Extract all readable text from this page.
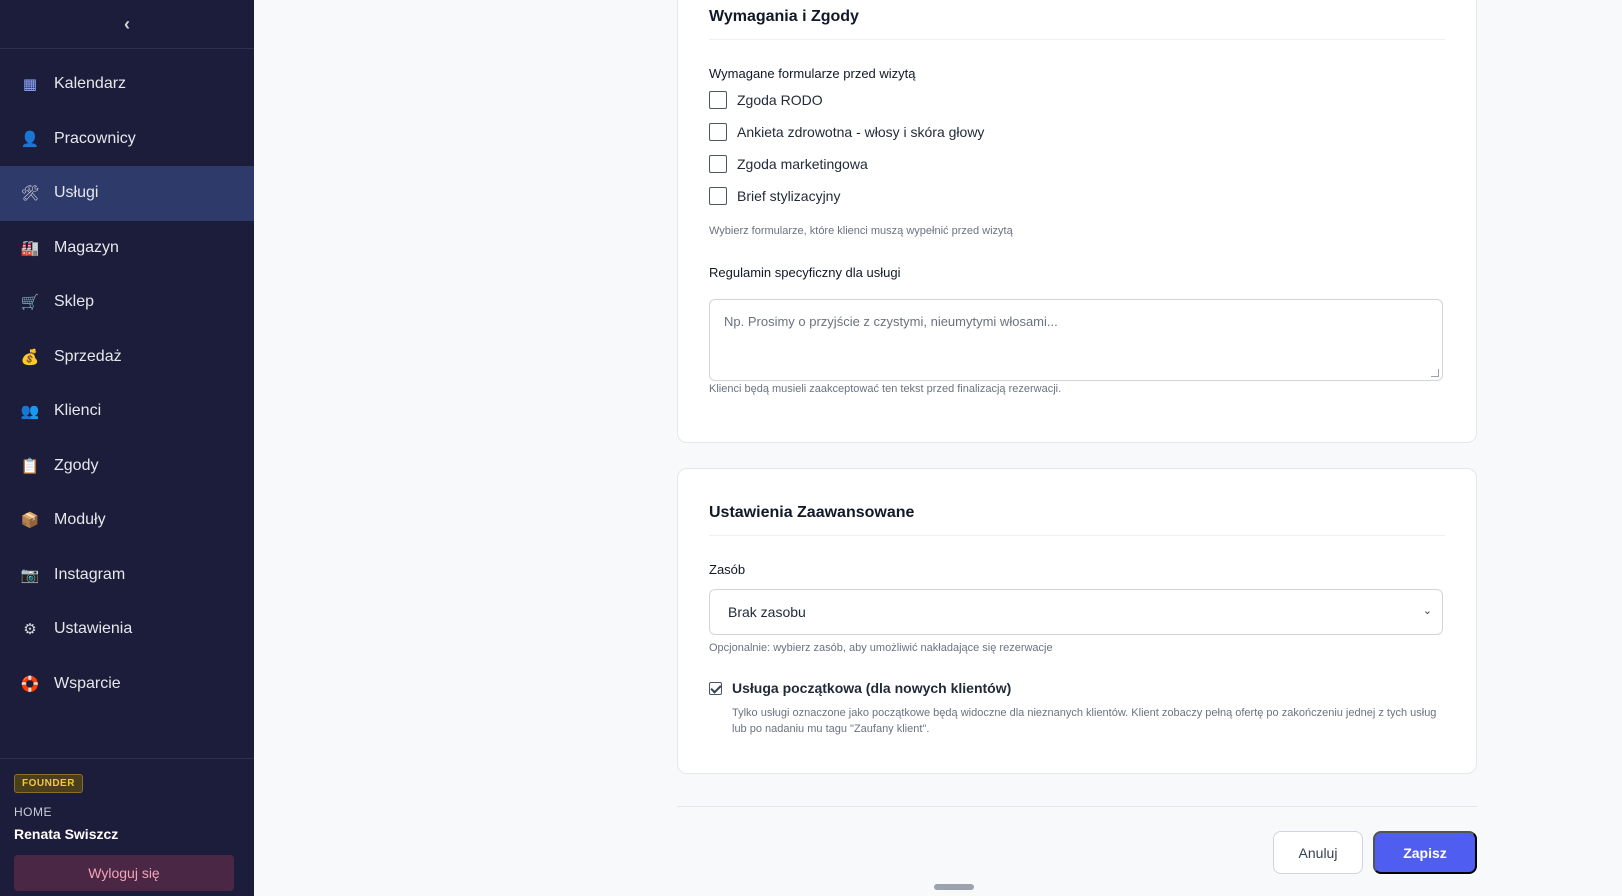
‹
▦ Kalendarz
👤 Pracownicy
🛠 Usługi
🏭 Magazyn
🛒 Sklep
💰 Sprzedaż
👥 Klienci
📋 Zgody
📦 Moduły
📷 Instagram
⚙ Ustawienia
🛟 Wsparcie
FOUNDER
HOME
Renata Swiszcz
Wyloguj się
Wymagania i Zgody
Wymagane formularze przed wizytą
Zgoda RODO
Ankieta zdrowotna - włosy i skóra głowy
Zgoda marketingowa
Brief stylizacyjny
Wybierz formularze, które klienci muszą wypełnić przed wizytą
Regulamin specyficzny dla usługi
Np. Prosimy o przyjście z czystymi, nieumytymi włosami...
Klienci będą musieli zaakceptować ten tekst przed finalizacją rezerwacji.
Ustawienia Zaawansowane
Zasób
Brak zasobu	⌄
Opcjonalnie: wybierz zasób, aby umożliwić nakładające się rezerwacje
Usługa początkowa (dla nowych klientów)
Tylko usługi oznaczone jako początkowe będą widoczne dla nieznanych klientów. Klient zobaczy pełną ofertę po zakończeniu jednej z tych usług lub po nadaniu mu tagu "Zaufany klient".
Anuluj	Zapisz
